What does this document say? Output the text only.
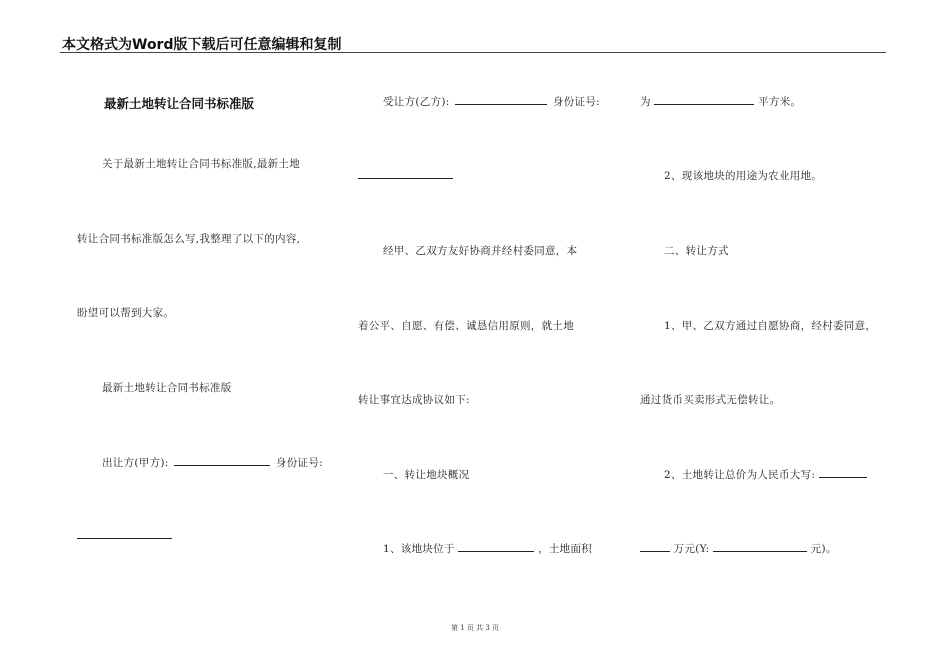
本文格式为Word版下载后可任意编辑和复制
最新土地转让合同书标准版
关于最新土地转让合同书标准版,最新土地
转让合同书标准版怎么写,我整理了以下的内容,
盼望可以帮到大家。
最新土地转让合同书标准版
出让方(甲方):	身份证号:
受让方(乙方):	身份证号:
经甲、乙双方友好协商并经村委同意，本
着公平、自愿、有偿、诚恳信用原则，就土地
转让事宜达成协议如下:
一、转让地块概况
1、该地块位于	，土地面积
为	平方米。
2、现该地块的用途为农业用地。
二、转让方式
1、甲、乙双方通过自愿协商，经村委同意，
通过货币买卖形式无偿转让。
2、土地转让总价为人民币大写:
万元(Y:	元)。
第 1 页 共 3 页
